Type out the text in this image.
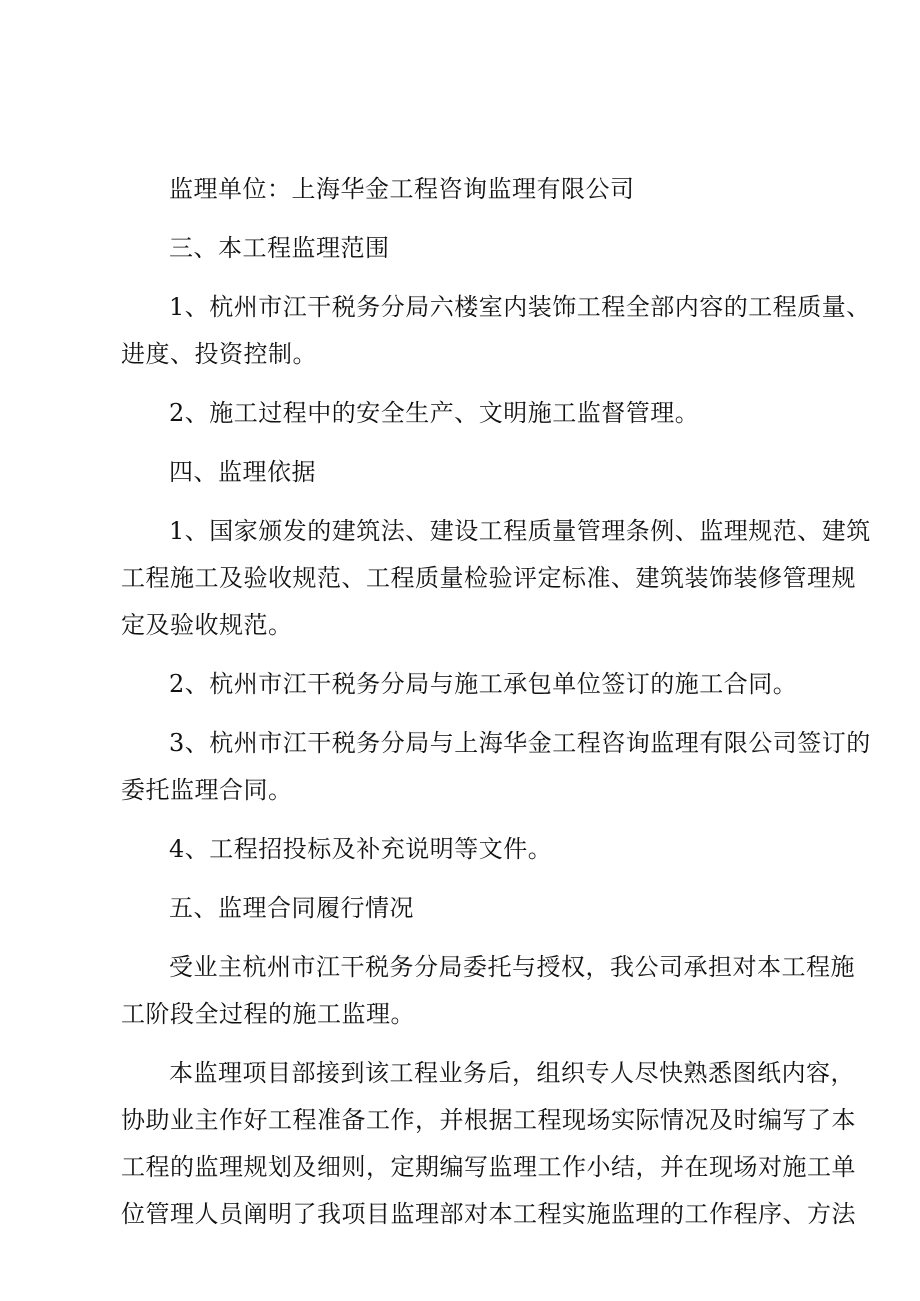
监理单位：上海华金工程咨询监理有限公司
三、本工程监理范围
1、杭州市江干税务分局六楼室内装饰工程全部内容的工程质量、
进度、投资控制。
2、施工过程中的安全生产、文明施工监督管理。
四、监理依据
1、国家颁发的建筑法、建设工程质量管理条例、监理规范、建筑
工程施工及验收规范、工程质量检验评定标准、建筑装饰装修管理规
定及验收规范。
2、杭州市江干税务分局与施工承包单位签订的施工合同。
3、杭州市江干税务分局与上海华金工程咨询监理有限公司签订的
委托监理合同。
4、工程招投标及补充说明等文件。
五、监理合同履行情况
受业主杭州市江干税务分局委托与授权，我公司承担对本工程施
工阶段全过程的施工监理。
本监理项目部接到该工程业务后，组织专人尽快熟悉图纸内容，
协助业主作好工程准备工作，并根据工程现场实际情况及时编写了本
工程的监理规划及细则，定期编写监理工作小结，并在现场对施工单
位管理人员阐明了我项目监理部对本工程实施监理的工作程序、方法
